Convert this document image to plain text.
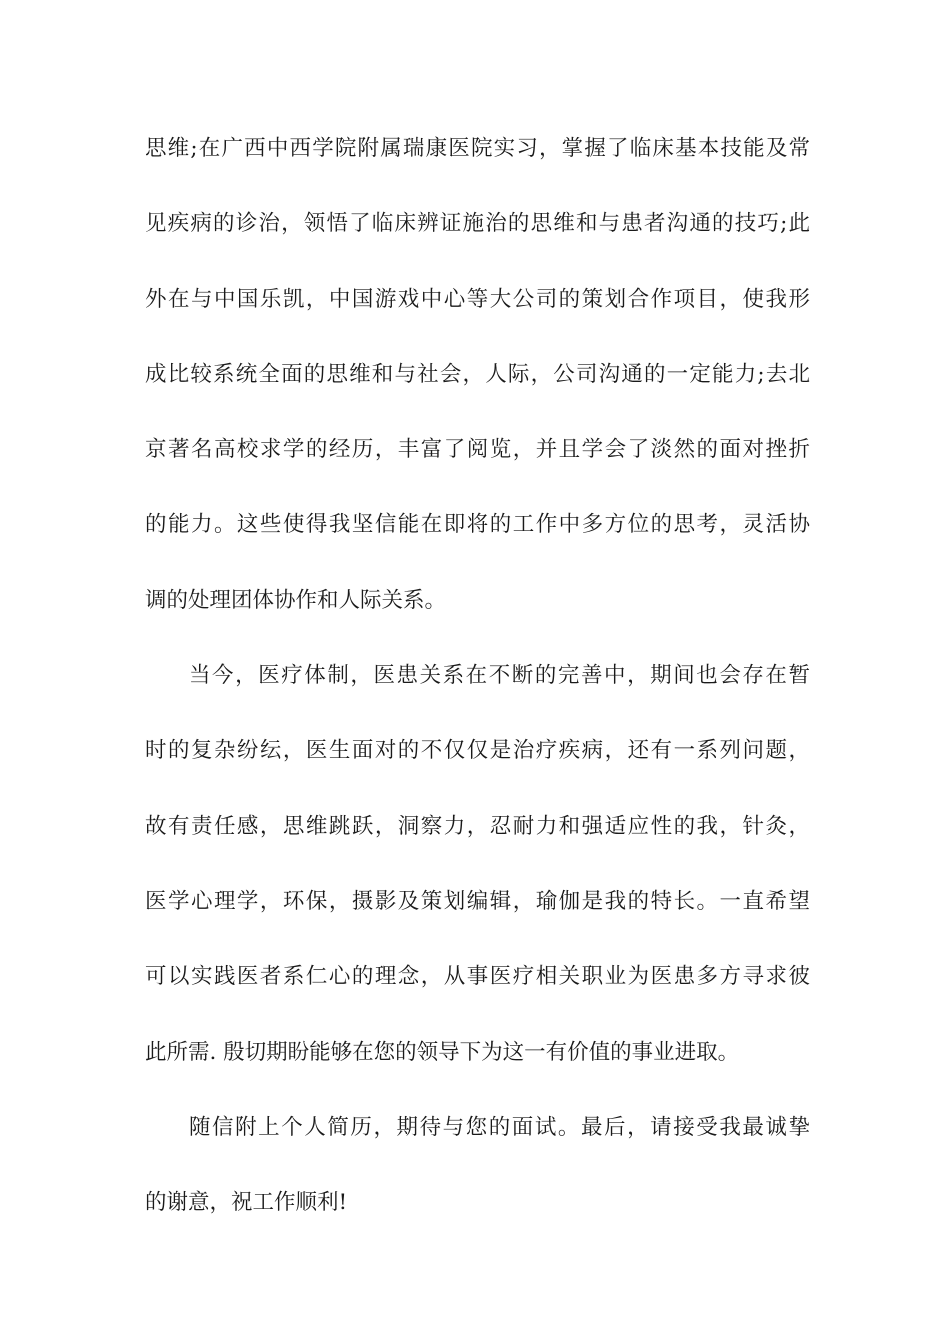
思维;在广西中西学院附属瑞康医院实习，掌握了临床基本技能及常
见疾病的诊治，领悟了临床辨证施治的思维和与患者沟通的技巧;此
外在与中国乐凯，中国游戏中心等大公司的策划合作项目，使我形
成比较系统全面的思维和与社会，人际，公司沟通的一定能力;去北
京著名高校求学的经历，丰富了阅览，并且学会了淡然的面对挫折
的能力。这些使得我坚信能在即将的工作中多方位的思考，灵活协
调的处理团体协作和人际关系。
当今，医疗体制，医患关系在不断的完善中，期间也会存在暂
时的复杂纷纭，医生面对的不仅仅是治疗疾病，还有一系列问题，
故有责任感，思维跳跃，洞察力，忍耐力和强适应性的我，针灸，
医学心理学，环保，摄影及策划编辑，瑜伽是我的特长。一直希望
可以实践医者系仁心的理念，从事医疗相关职业为医患多方寻求彼
此所需. 殷切期盼能够在您的领导下为这一有价值的事业进取。
随信附上个人简历，期待与您的面试。最后，请接受我最诚挚
的谢意，祝工作顺利!
